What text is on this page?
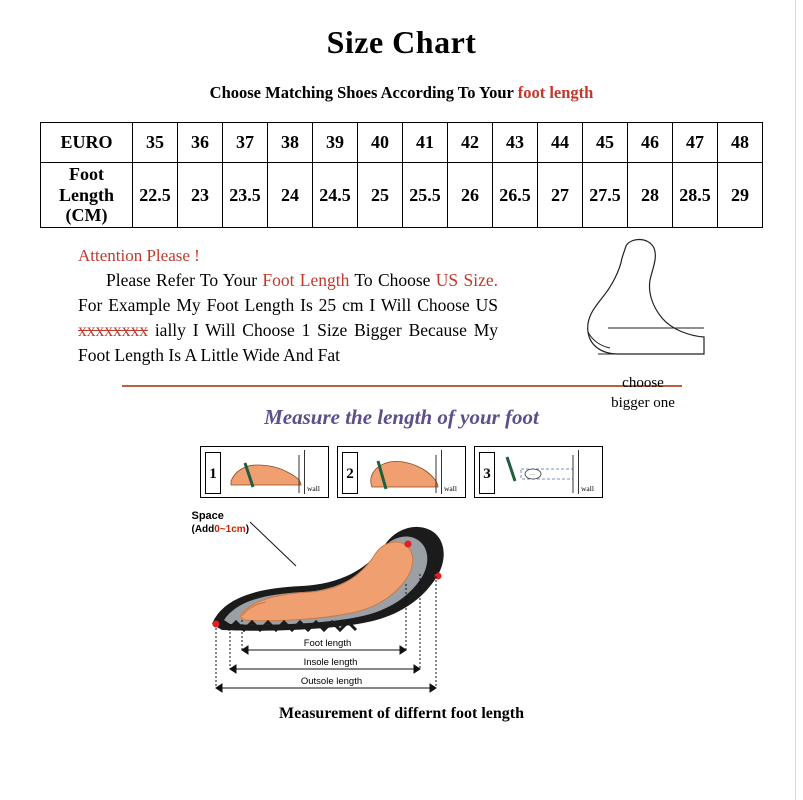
Size Chart
Choose Matching Shoes According To Your foot length
EURO	35	36	37	38	39	40	41	42	43	44	45	46	47	48
Foot
Length
(CM)	22.5	23	23.5	24	24.5	25	25.5	26	26.5	27	27.5	28	28.5	29
Attention Please !
Please Refer To Your Foot Length To Choose US Size. For Example My Foot Length Is 25 cm I Will Choose US xxxxxxxx ially I Will Choose 1 Size Bigger Because My Foot Length Is A Little Wide And Fat
choose
bigger one
Measure the length of your foot
1
wall
2
wall
3	···
wall
Space
(Add0~1cm)
Foot length
Insole length
Outsole length
Measurement of differnt foot length
